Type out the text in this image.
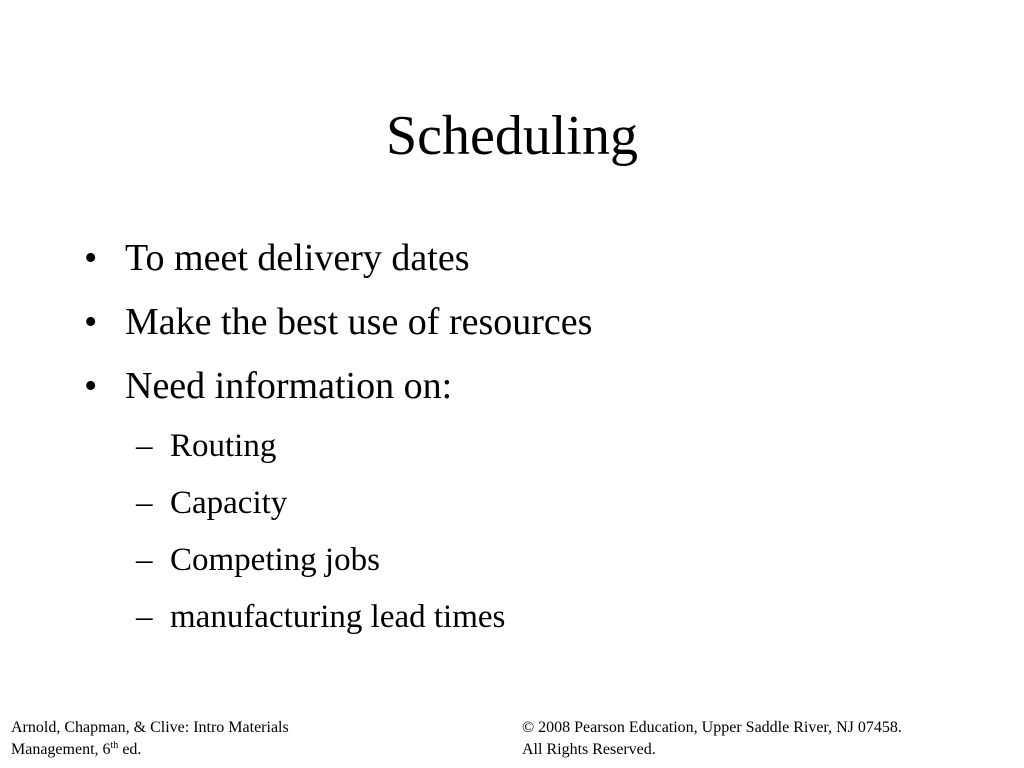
Scheduling
• To meet delivery dates
• Make the best use of resources
• Need information on:
– Routing
– Capacity
– Competing jobs
– manufacturing lead times
Arnold, Chapman, & Clive: Intro Materials
Management, 6th ed.
© 2008 Pearson Education, Upper Saddle River, NJ 07458.
All Rights Reserved.
